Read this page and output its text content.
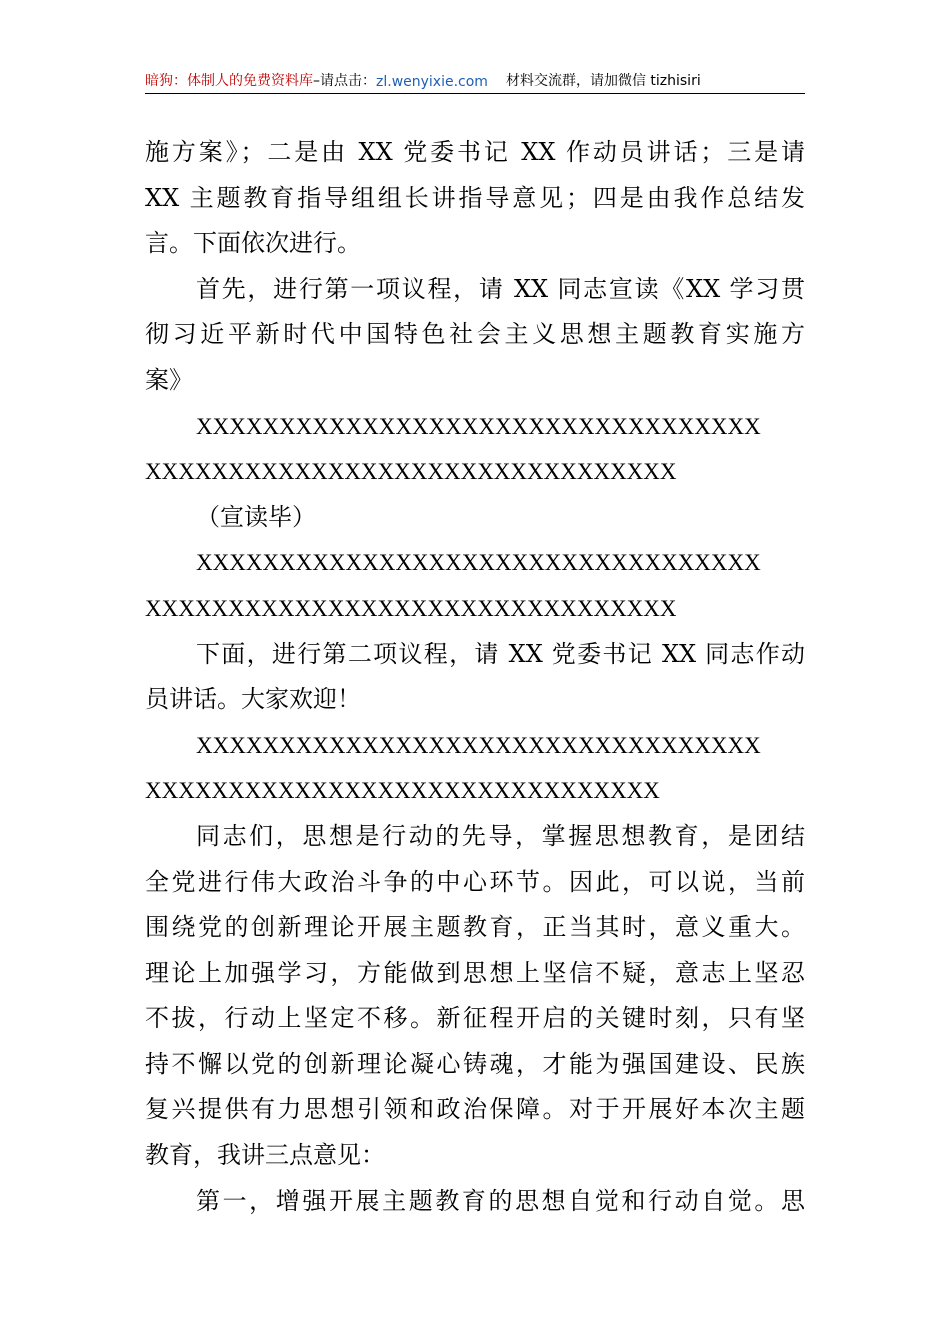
暗狗：体制人的免费资料库 –请点击： zl.wenyixie.com 材料交流群，请加微信 tizhisiri
施方案》；二是由 XX 党委书记 XX 作动员讲话；三是请
XX 主题教育指导组组长讲指导意见；四是由我作总结发
言。下面依次进行。
首先，进行第一项议程，请 XX 同志宣读《XX 学习贯
彻习近平新时代中国特色社会主义思想主题教育实施方
案》
XXXXXXXXXXXXXXXXXXXXXXXXXXXXXXXXXX
XXXXXXXXXXXXXXXXXXXXXXXXXXXXXXXX
（宣读毕）
XXXXXXXXXXXXXXXXXXXXXXXXXXXXXXXXXX
XXXXXXXXXXXXXXXXXXXXXXXXXXXXXXXX
下面，进行第二项议程，请 XX 党委书记 XX 同志作动
员讲话。大家欢迎！
XXXXXXXXXXXXXXXXXXXXXXXXXXXXXXXXXX
XXXXXXXXXXXXXXXXXXXXXXXXXXXXXXX
同志们，思想是行动的先导，掌握思想教育，是团结
全党进行伟大政治斗争的中心环节。因此，可以说，当前
围绕党的创新理论开展主题教育，正当其时，意义重大。
理论上加强学习，方能做到思想上坚信不疑，意志上坚忍
不拔，行动上坚定不移。新征程开启的关键时刻，只有坚
持不懈以党的创新理论凝心铸魂，才能为强国建设、民族
复兴提供有力思想引领和政治保障。对于开展好本次主题
教育，我讲三点意见：
第一，增强开展主题教育的思想自觉和行动自觉。思
